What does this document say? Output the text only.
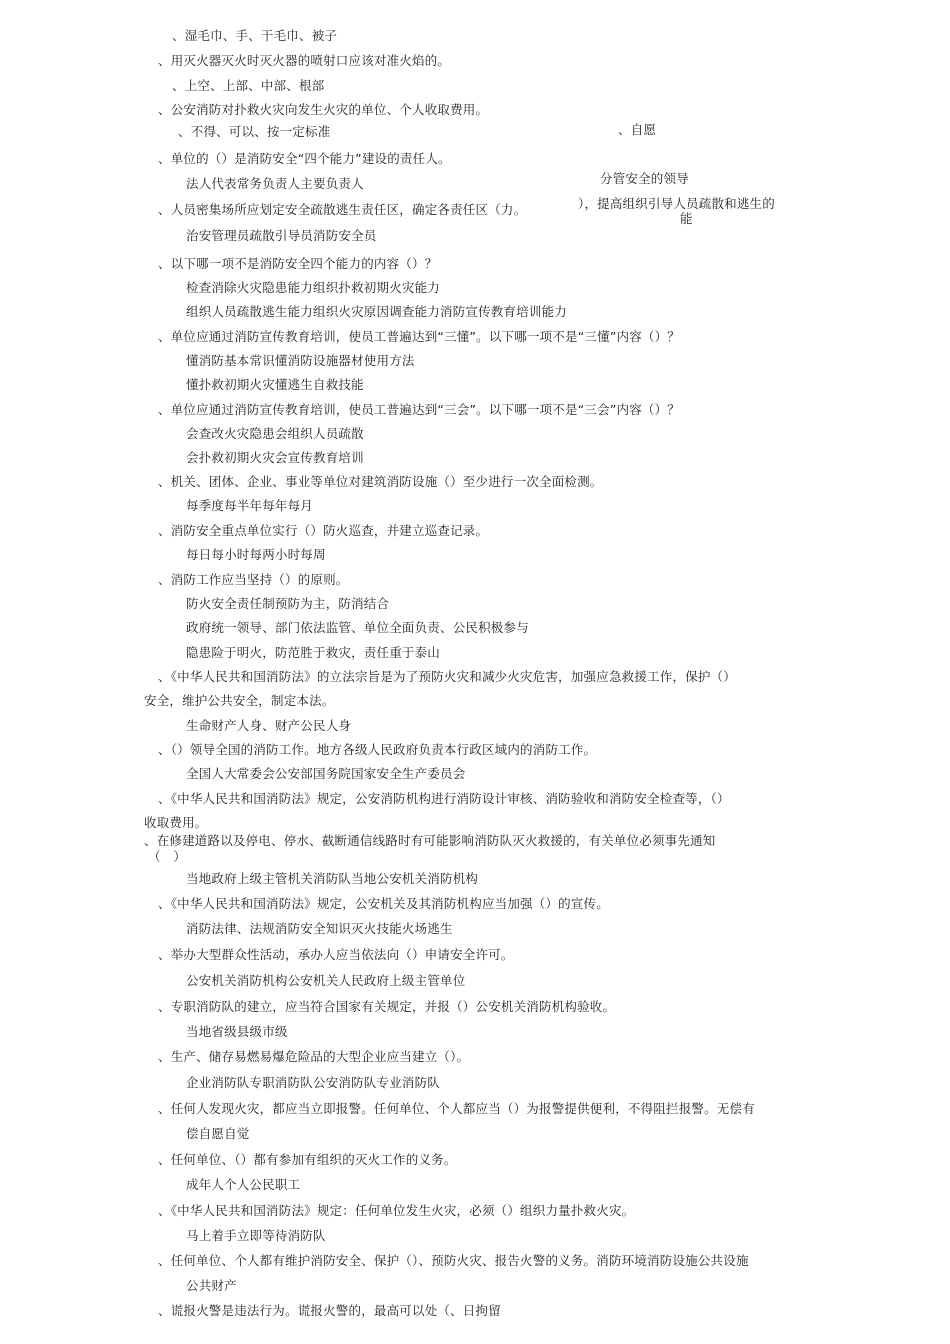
、湿毛巾、手、干毛巾、被子
、用灭火器灭火时灭火器的喷射口应该对准火焰的。
、上空、上部、中部、根部
、公安消防对扑救火灾向发生火灾的单位、个人收取费用。
、不得、可以、按一定标准	、自愿
、单位的（）是消防安全“四个能力”建设的责任人。
分管安全的领导
法人代表常务负责人主要负责人
、人员密集场所应划定安全疏散逃生责任区，确定各责任区（力。	），提高组织引导人员疏散和逃生的
能
治安管理员疏散引导员消防安全员
、以下哪一项不是消防安全四个能力的内容（）？
检查消除火灾隐患能力组织扑救初期火灾能力
组织人员疏散逃生能力组织火灾原因调查能力消防宣传教育培训能力
、单位应通过消防宣传教育培训，使员工普遍达到“三懂”。以下哪一项不是“三懂”内容（）？
懂消防基本常识懂消防设施器材使用方法
懂扑救初期火灾懂逃生自救技能
、单位应通过消防宣传教育培训，使员工普遍达到“三会”。以下哪一项不是“三会”内容（）？
会查改火灾隐患会组织人员疏散
会扑救初期火灾会宣传教育培训
、机关、团体、企业、事业等单位对建筑消防设施（）至少进行一次全面检测。
每季度每半年每年每月
、消防安全重点单位实行（）防火巡查，并建立巡查记录。
每日每小时每两小时每周
、消防工作应当坚持（）的原则。
防火安全责任制预防为主，防消结合
政府统一领导、部门依法监管、单位全面负责、公民积极参与
隐患险于明火，防范胜于救灾，责任重于泰山
、《中华人民共和国消防法》的立法宗旨是为了预防火灾和减少火灾危害，加强应急救援工作，保护（）
安全，维护公共安全，制定本法。
生命财产人身、财产公民人身
、（）领导全国的消防工作。地方各级人民政府负责本行政区域内的消防工作。
全国人大常委会公安部国务院国家安全生产委员会
、《中华人民共和国消防法》规定，公安消防机构进行消防设计审核、消防验收和消防安全检查等，（）
收取费用。
、在修建道路以及停电、停水、截断通信线路时有可能影响消防队灭火救援的，有关单位必须事先通知
（　）
当地政府上级主管机关消防队当地公安机关消防机构
、《中华人民共和国消防法》规定，公安机关及其消防机构应当加强（）的宣传。
消防法律、法规消防安全知识灭火技能火场逃生
、举办大型群众性活动，承办人应当依法向（）申请安全许可。
公安机关消防机构公安机关人民政府上级主管单位
、专职消防队的建立，应当符合国家有关规定，并报（）公安机关消防机构验收。
当地省级县级市级
、生产、储存易燃易爆危险品的大型企业应当建立（）。
企业消防队专职消防队公安消防队专业消防队
、任何人发现火灾，都应当立即报警。任何单位、个人都应当（）为报警提供便利，不得阻拦报警。无偿有
偿自愿自觉
、任何单位、（）都有参加有组织的灭火工作的义务。
成年人个人公民职工
、《中华人民共和国消防法》规定：任何单位发生火灾，必须（）组织力量扑救火灾。
马上着手立即等待消防队
、任何单位、个人都有维护消防安全、保护（）、预防火灾、报告火警的义务。消防环境消防设施公共设施
公共财产
、谎报火警是违法行为。谎报火警的，最高可以处（、日拘留
